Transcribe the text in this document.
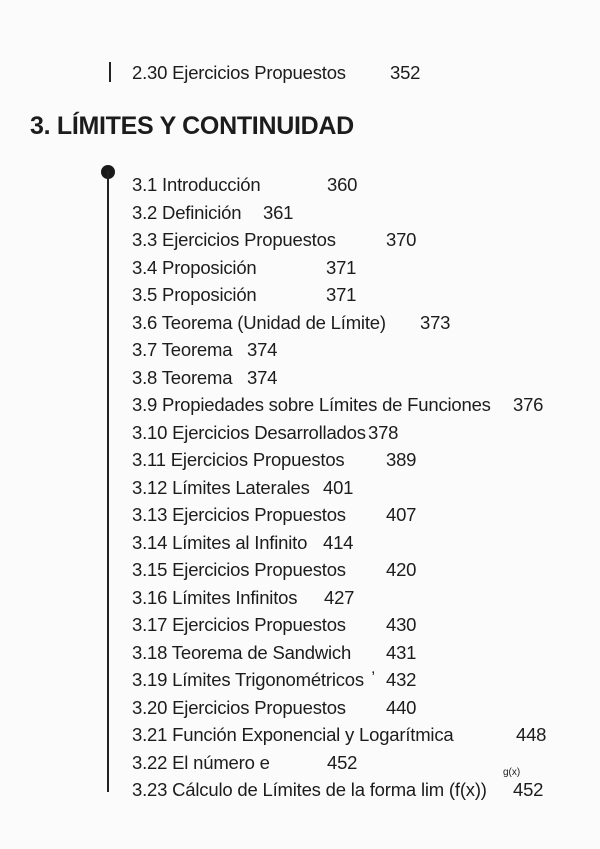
2.30 Ejercicios Propuestos 352
3. LÍMITES Y CONTINUIDAD
3.1 Introducción	360
3.2 Definición 361
3.3 Ejercicios Propuestos	370
3.4 Proposición	371
3.5 Proposición	371
3.6 Teorema (Unidad de Límite) 373
3.7 Teorema 374
3.8 Teorema 374
3.9 Propiedades sobre Límites de Funciones 376
3.10 Ejercicios Desarrollados 378
3.11 Ejercicios Propuestos 389
3.12 Límites Laterales 401
3.13 Ejercicios Propuestos 407
3.14 Límites al Infinito 414
3.15 Ejercicios Propuestos 420
3.16 Límites Infinitos 427
3.17 Ejercicios Propuestos 430
3.18 Teorema de Sandwich 431
3.19 Límites Trigonométricos 432
3.20 Ejercicios Propuestos 440
3.21 Función Exponencial y Logarítmica	448
3.22 El número e	452
3.23 Cálculo de Límites de la forma lim (f(x)) 452
,
g(x)
